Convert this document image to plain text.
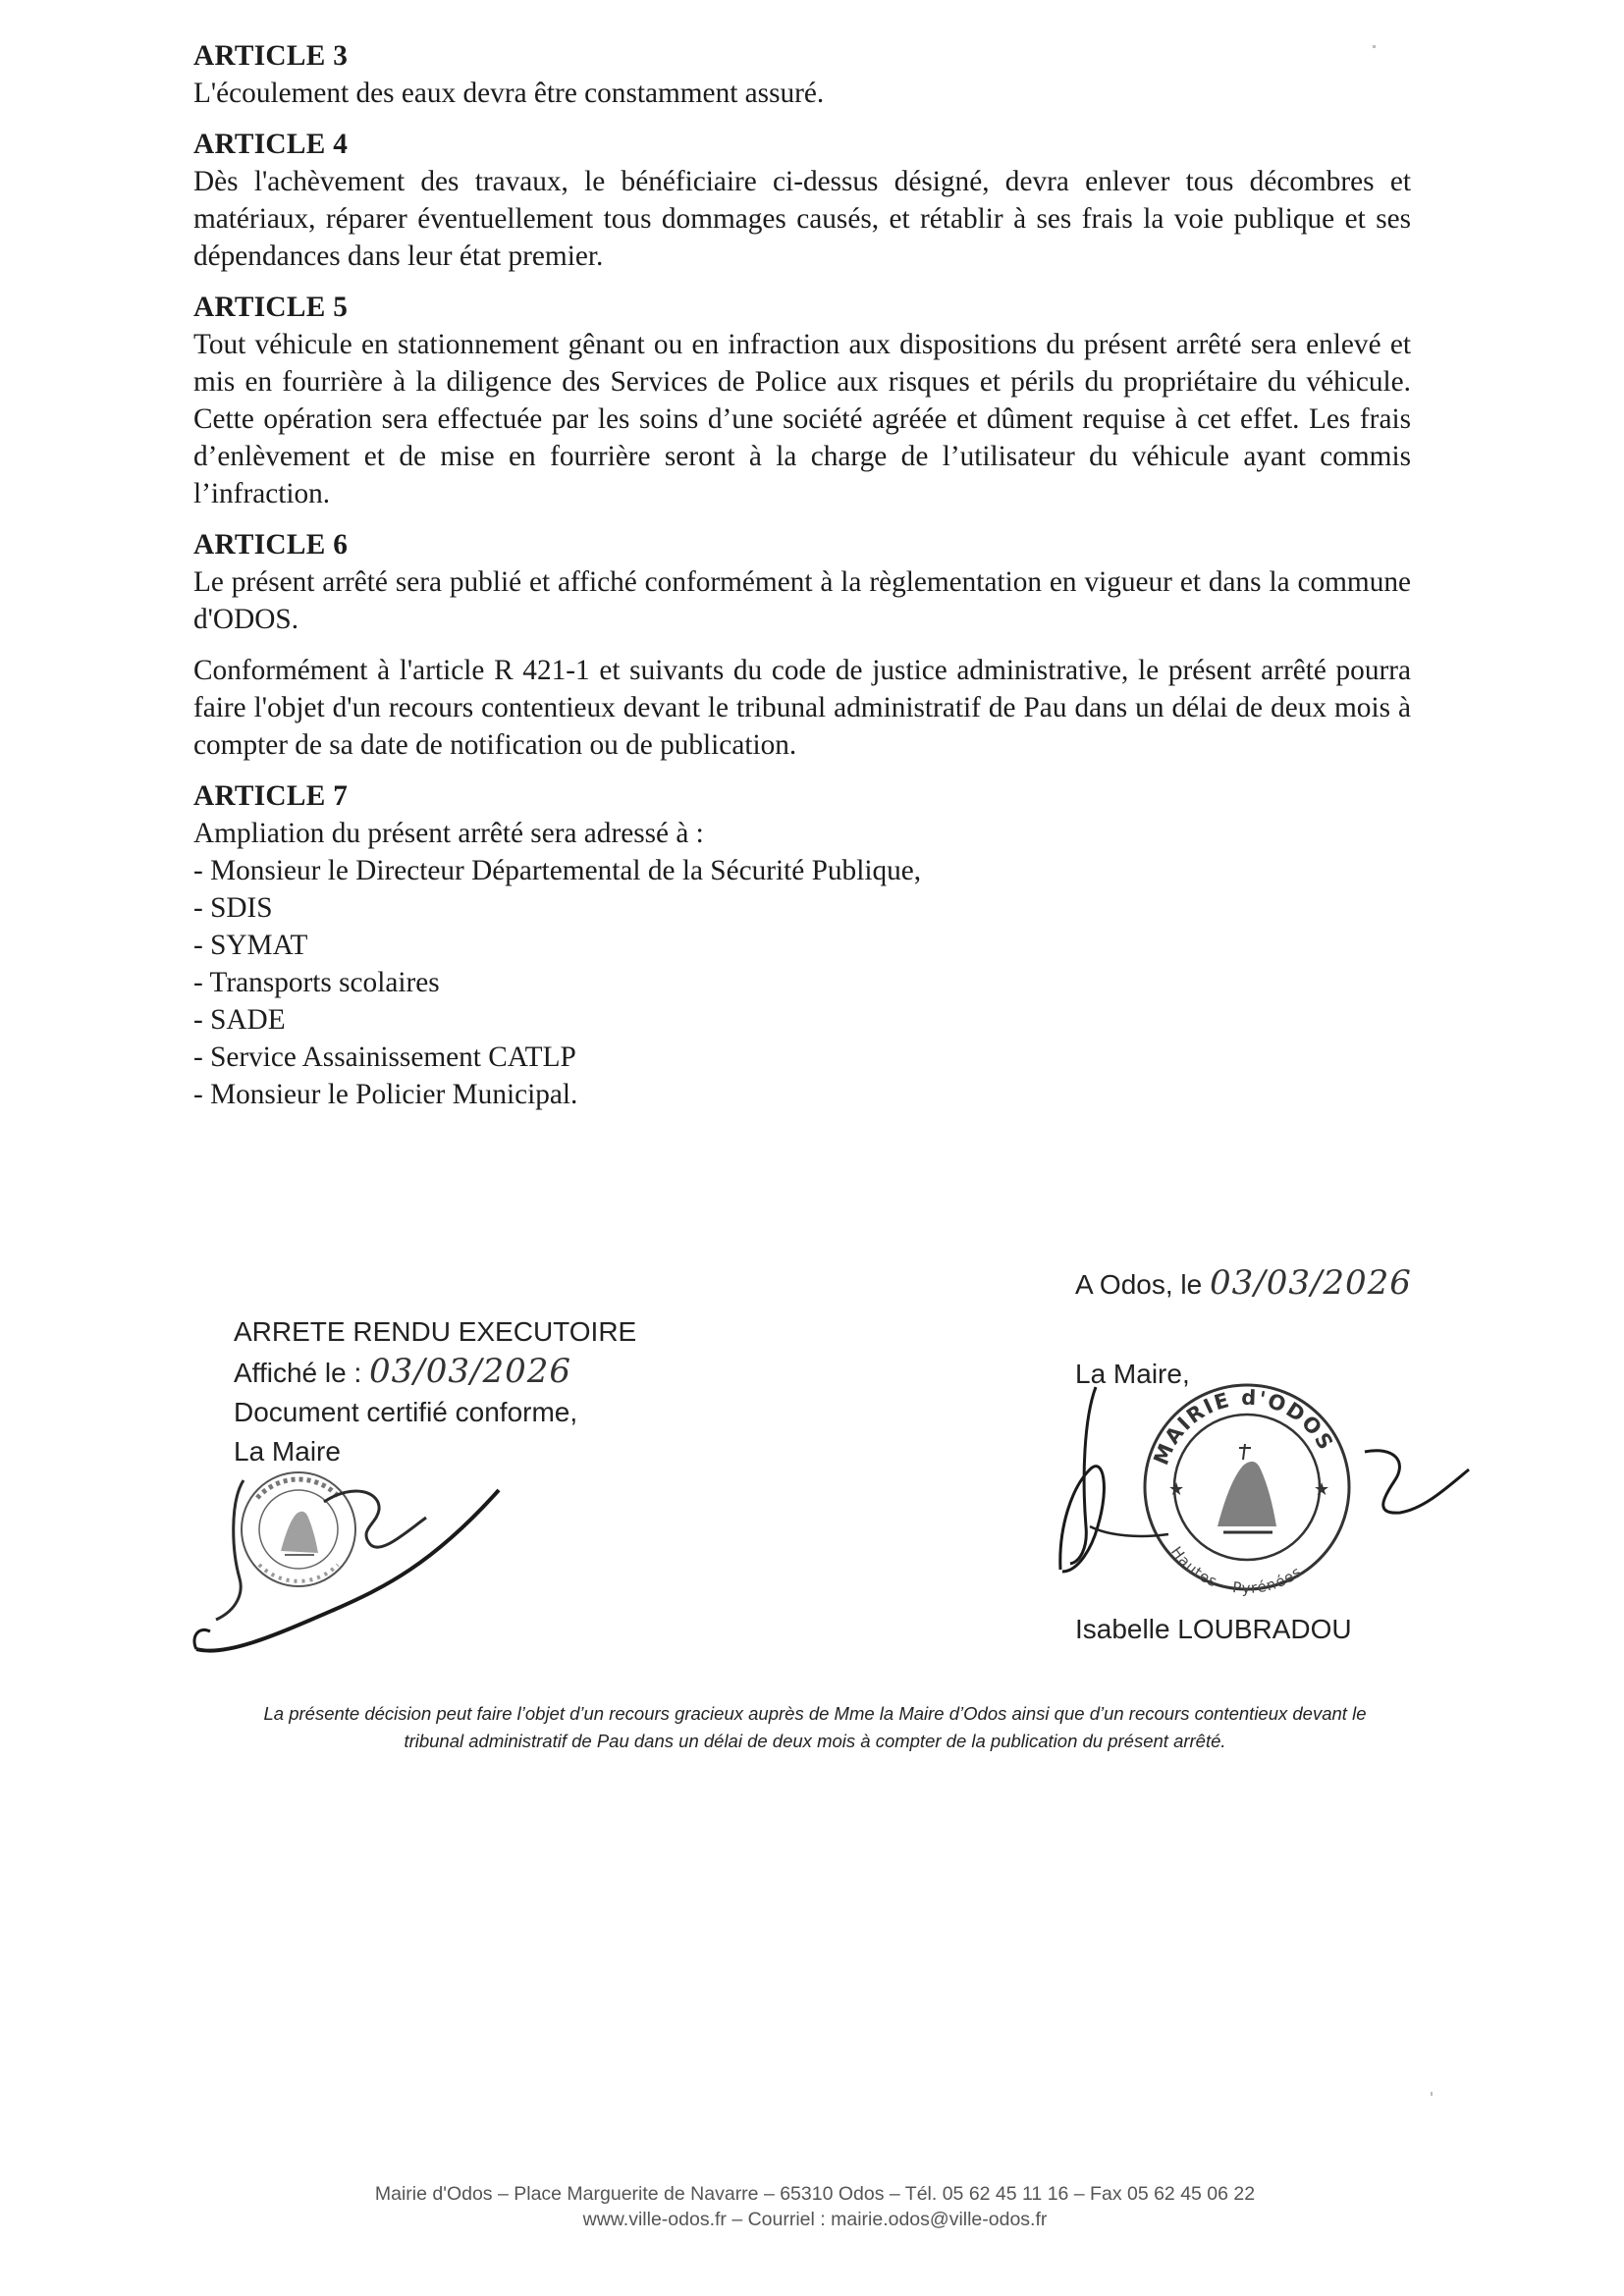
ARTICLE 3

L'écoulement des eaux devra être constamment assuré.

ARTICLE 4

Dès l'achèvement des travaux, le bénéficiaire ci-dessus désigné, devra enlever tous décombres et matériaux, réparer éventuellement tous dommages causés, et rétablir à ses frais la voie publique et ses dépendances dans leur état premier.

ARTICLE 5

Tout véhicule en stationnement gênant ou en infraction aux dispositions du présent arrêté sera enlevé et mis en fourrière à la diligence des Services de Police aux risques et périls du propriétaire du véhicule. Cette opération sera effectuée par les soins d’une société agréée et dûment requise à cet effet. Les frais d’enlèvement et de mise en fourrière seront à la charge de l’utilisateur du véhicule ayant commis l’infraction.

ARTICLE 6

Le présent arrêté sera publié et affiché conformément à la règlementation en vigueur et dans la commune d'ODOS.

Conformément à l'article R 421-1 et suivants du code de justice administrative, le présent arrêté pourra faire l'objet d'un recours contentieux devant le tribunal administratif de Pau dans un délai de deux mois à compter de sa date de notification ou de publication.

ARTICLE 7
Ampliation du présent arrêté sera adressé à :
- Monsieur le Directeur Départemental de la Sécurité Publique,
- SDIS
- SYMAT
- Transports scolaires
- SADE
- Service Assainissement CATLP
- Monsieur le Policier Municipal.
A Odos, le 03/03/2026
La Maire,
ARRETE RENDU EXECUTOIRE
Affiché le : 03/03/2026
Document certifié conforme,
La Maire
★	★
MAIRIE d'ODOS
Hautes - Pyrénées
Isabelle LOUBRADOU
La présente décision peut faire l’objet d’un recours gracieux auprès de Mme la Maire d’Odos ainsi que d’un recours contentieux devant le
tribunal administratif de Pau dans un délai de deux mois à compter de la publication du présent arrêté.
Mairie d'Odos – Place Marguerite de Navarre – 65310 Odos – Tél. 05 62 45 11 16 – Fax 05 62 45 06 22
www.ville-odos.fr – Courriel : mairie.odos@ville-odos.fr
